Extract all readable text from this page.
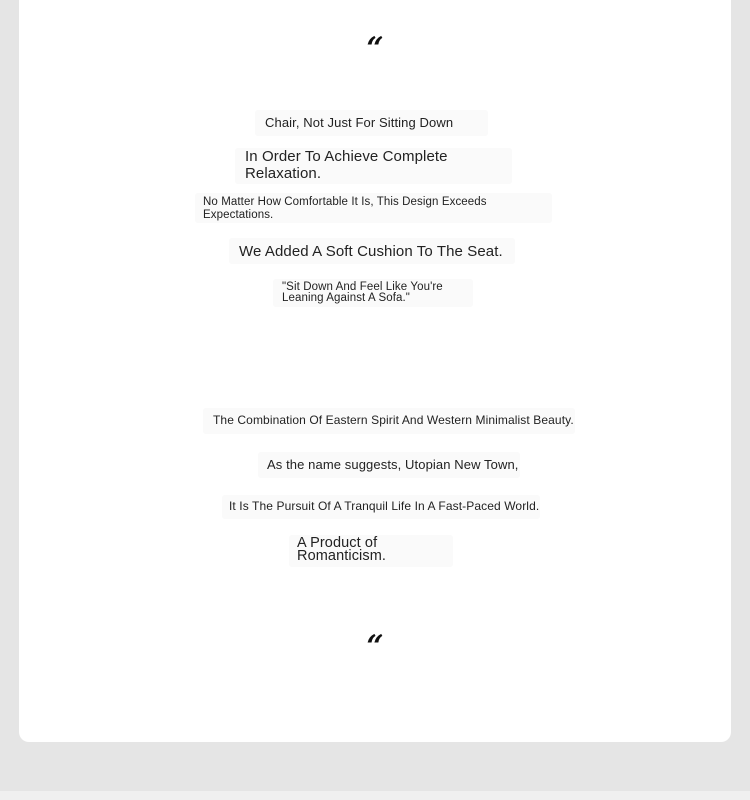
“
Chair, Not Just For Sitting Down
In Order To Achieve Complete Relaxation.
No Matter How Comfortable It Is, This Design Exceeds Expectations.
We Added A Soft Cushion To The Seat.
"Sit Down And Feel Like You're Leaning Against A Sofa."
The Combination Of Eastern Spirit And Western Minimalist Beauty.
As the name suggests, Utopian New Town,
It Is The Pursuit Of A Tranquil Life In A Fast-Paced World.
A Product of Romanticism.
“
